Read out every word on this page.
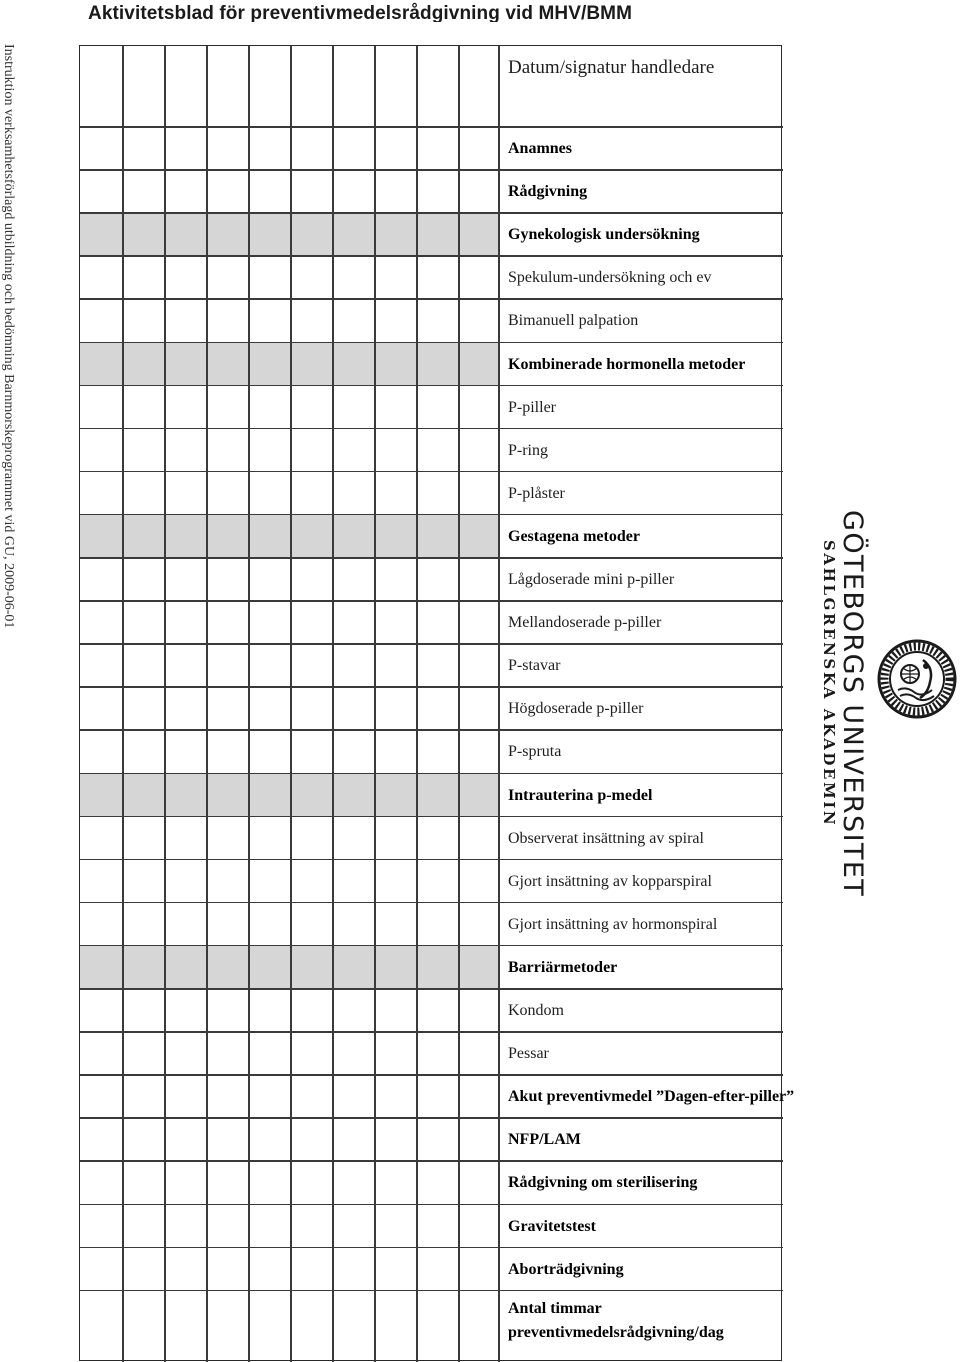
Aktivitetsblad för preventivmedelsrådgivning vid MHV/BMM
Instruktion verksamhetsförlagd utbildning och bedömning Barnmorskeprogrammet vid GU, 2009-06-01
GÖTEBORGS UNIVERSITET
SAHLGRENSKA AKADEMIN
Datum/signatur handledare
Anamnes
Rådgivning
Gynekologisk undersökning
Spekulum-undersökning och ev
Bimanuell palpation
Kombinerade hormonella metoder
P-piller
P-ring
P-plåster
Gestagena metoder
Lågdoserade mini p-piller
Mellandoserade p-piller
P-stavar
Högdoserade p-piller
P-spruta
Intrauterina p-medel
Observerat insättning av spiral
Gjort insättning av kopparspiral
Gjort insättning av hormonspiral
Barriärmetoder
Kondom
Pessar
Akut preventivmedel ”Dagen-efter-piller”
NFP/LAM
Rådgivning om sterilisering
Gravitetstest
Aborträdgivning
Antal timmar preventivmedelsrådgivning/dag
